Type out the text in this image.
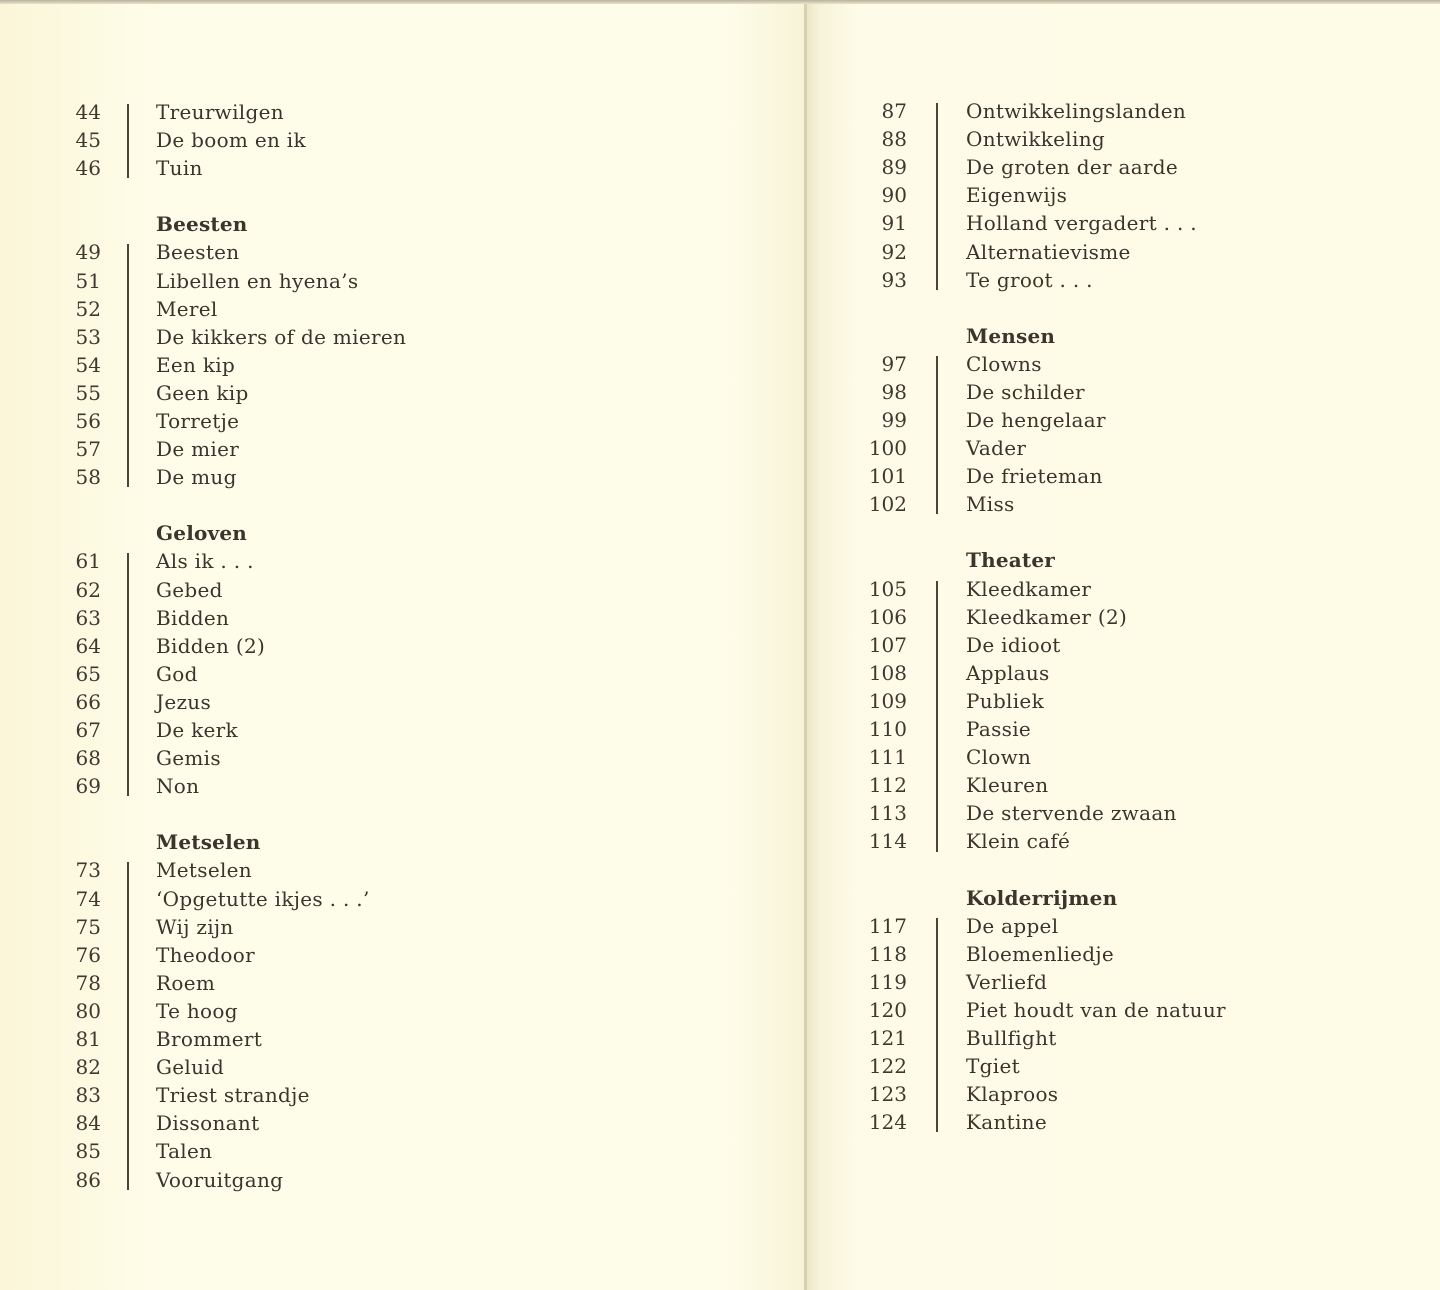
44	Treurwilgen
45	De boom en ik
46	Tuin
Beesten
49	Beesten
51	Libellen en hyena’s
52	Merel
53	De kikkers of de mieren
54	Een kip
55	Geen kip
56	Torretje
57	De mier
58	De mug
Geloven
61	Als ik . . .
62	Gebed
63	Bidden
64	Bidden (2)
65	God
66	Jezus
67	De kerk
68	Gemis
69	Non
Metselen
73	Metselen
74	‘Opgetutte ikjes . . .’
75	Wij zijn
76	Theodoor
78	Roem
80	Te hoog
81	Brommert
82	Geluid
83	Triest strandje
84	Dissonant
85	Talen
86	Vooruitgang
87	Ontwikkelingslanden
88	Ontwikkeling
89	De groten der aarde
90	Eigenwijs
91	Holland vergadert . . .
92	Alternatievisme
93	Te groot . . .
Mensen
97	Clowns
98	De schilder
99	De hengelaar
100	Vader
101	De frieteman
102	Miss
Theater
105	Kleedkamer
106	Kleedkamer (2)
107	De idioot
108	Applaus
109	Publiek
110	Passie
111	Clown
112	Kleuren
113	De stervende zwaan
114	Klein café
Kolderrijmen
117	De appel
118	Bloemenliedje
119	Verliefd
120	Piet houdt van de natuur
121	Bullfight
122	Tgiet
123	Klaproos
124	Kantine
